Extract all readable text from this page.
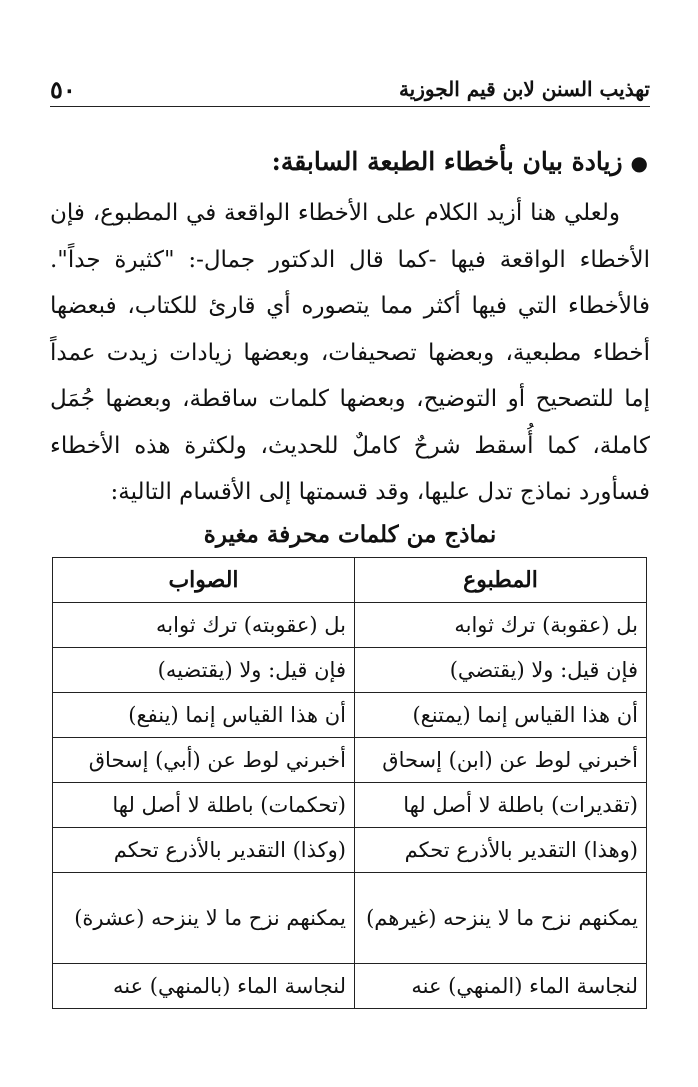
تهذيب السنن لابن قيم الجوزية
٥٠
●زيادة بيان بأخطاء الطبعة السابقة:

ولعلي هنا أزيد الكلام على الأخطاء الواقعة في المطبوع، فإن الأخطاء الواقعة فيها -كما قال الدكتور جمال-: "كثيرة جداً". فالأخطاء التي فيها أكثر مما يتصوره أي قارئ للكتاب، فبعضها أخطاء مطبعية، وبعضها تصحيفات، وبعضها زيادات زيدت عمداً إما للتصحيح أو التوضيح، وبعضها كلمات ساقطة، وبعضها جُمَل كاملة، كما أُسقط شرحٌ كاملٌ للحديث، ولكثرة هذه الأخطاء فسأورد نماذج تدل عليها، وقد قسمتها إلى الأقسام التالية:

نماذج من كلمات محرفة مغيرة
المطبوع	الصواب
بل (عقوبة) ترك ثوابه	بل (عقوبته) ترك ثوابه
فإن قيل: ولا (يقتضي)	فإن قيل: ولا (يقتضيه)
أن هذا القياس إنما (يمتنع)	أن هذا القياس إنما (ينفع)
أخبرني لوط عن (ابن) إسحاق	أخبرني لوط عن (أبي) إسحاق
(تقديرات) باطلة لا أصل لها	(تحكمات) باطلة لا أصل لها
(وهذا) التقدير بالأذرع تحكم	(وكذا) التقدير بالأذرع تحكم
يمكنهم نزح ما لا ينزحه (غيرهم)	يمكنهم نزح ما لا ينزحه (عشرة)
لنجاسة الماء (المنهي) عنه	لنجاسة الماء (بالمنهي) عنه
